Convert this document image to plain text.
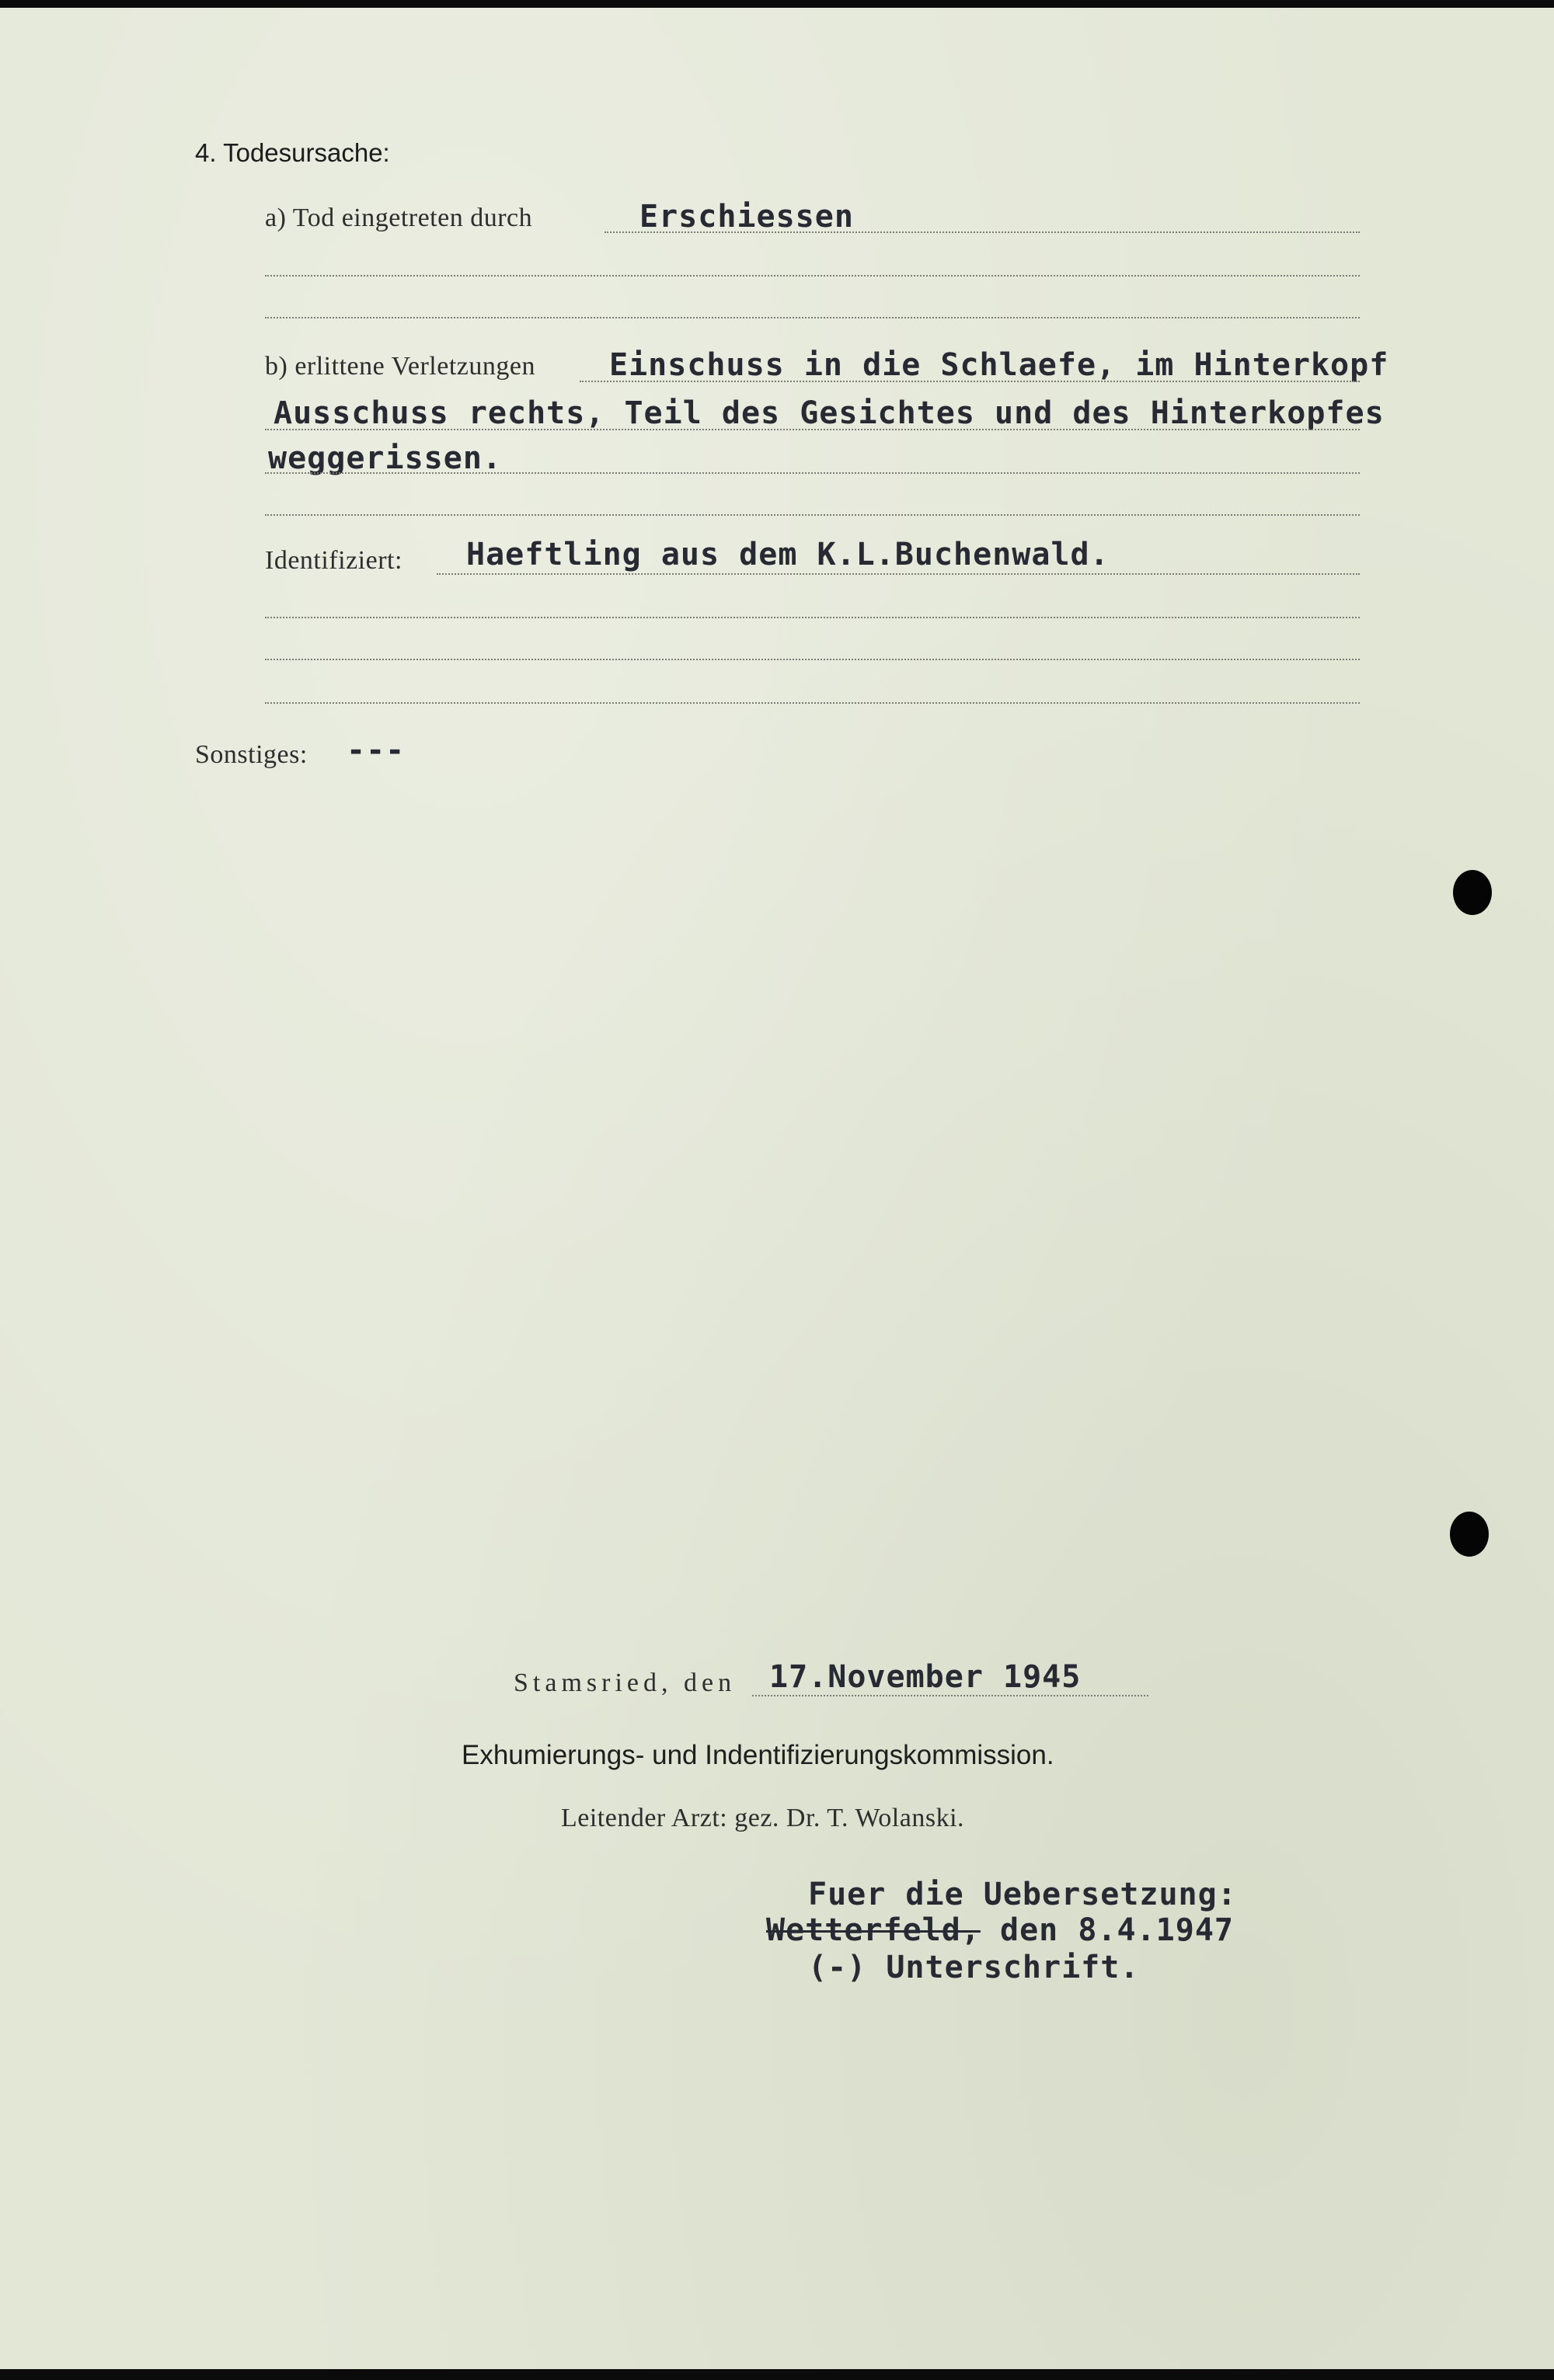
4. Todesursache:
a) Tod eingetreten durch	Erschiessen
b) erlittene Verletzungen Einschuss in die Schlaefe, im Hinterkopf
Ausschuss rechts, Teil des Gesichtes und des Hinterkopfes
weggerissen.
Identifiziert: Haeftling aus dem K.L.Buchenwald.
Sonstiges: ---
Stamsried, den 17.November 1945
Exhumierungs- und Indentifizierungskommission.
Leitender Arzt: gez. Dr. T. Wolanski.
Fuer die Uebersetzung:
Wetterfeld, den 8.4.1947
(-) Unterschrift.
